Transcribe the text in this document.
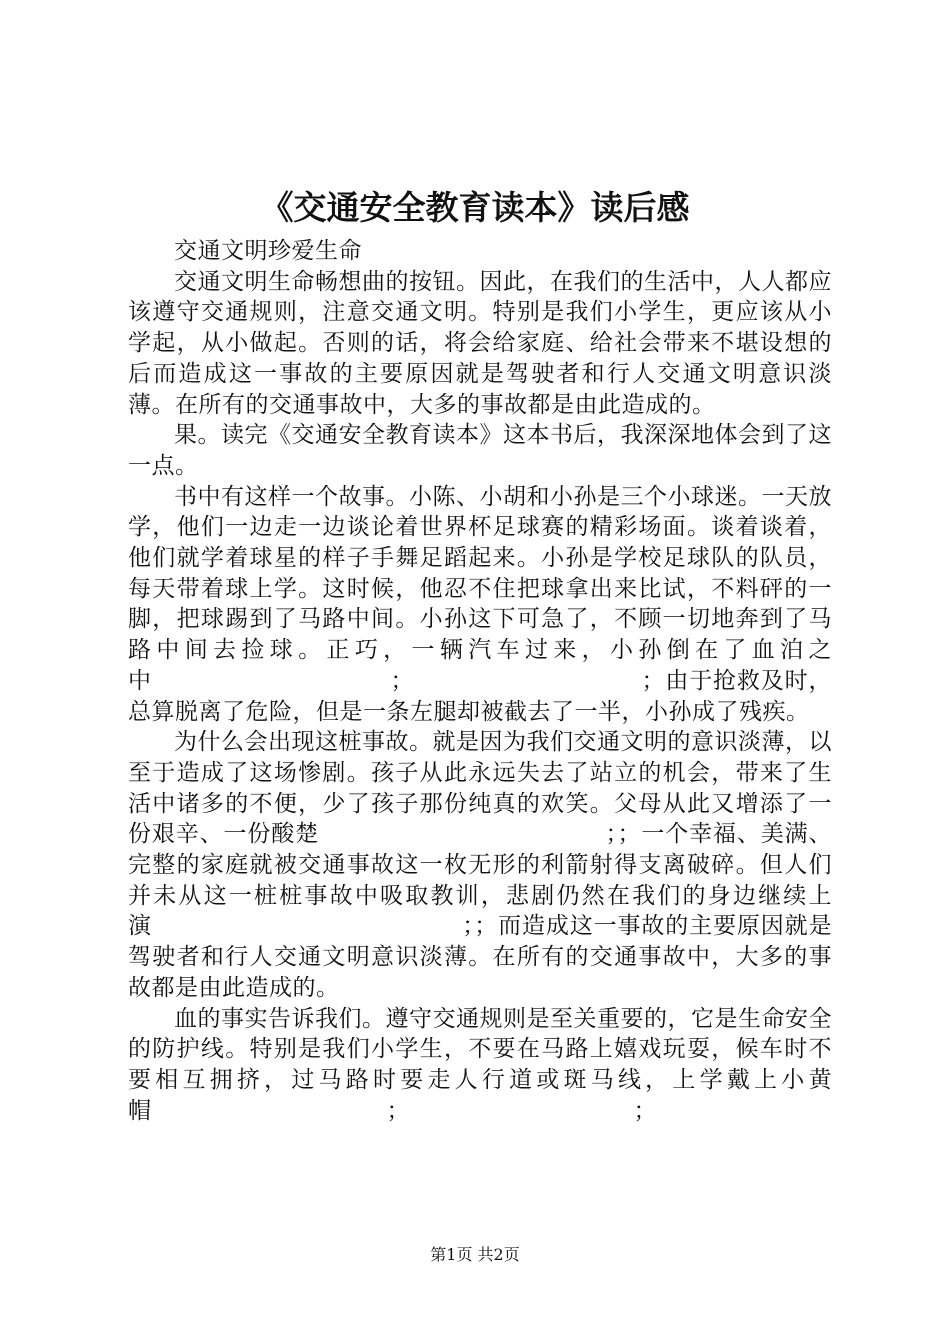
《交通安全教育读本》读后感

交通文明珍爱生命

交通文明生命畅想曲的按钮。因此，在我们的生活中，人人都应该遵守交通规则，注意交通文明。特别是我们小学生，更应该从小学起，从小做起。否则的话，将会给家庭、给社会带来不堪设想的后而造成这一事故的主要原因就是驾驶者和行人交通文明意识淡薄。在所有的交通事故中，大多的事故都是由此造成的。

果。读完《交通安全教育读本》这本书后，我深深地体会到了这一点。

书中有这样一个故事。小陈、小胡和小孙是三个小球迷。一天放学，他们一边走一边谈论着世界杯足球赛的精彩场面。谈着谈着，他们就学着球星的样子手舞足蹈起来。小孙是学校足球队的队员，每天带着球上学。这时候，他忍不住把球拿出来比试，不料砰的一脚，把球踢到了马路中间。小孙这下可急了，不顾一切地奔到了马路中间去捡球。正巧，一辆汽车过来，小孙倒在了血泊之中　　　　　　　　　　；　　　　　　　　　　；由于抢救及时，总算脱离了危险，但是一条左腿却被截去了一半，小孙成了残疾。

为什么会出现这桩事故。就是因为我们交通文明的意识淡薄，以至于造成了这场惨剧。孩子从此永远失去了站立的机会，带来了生活中诸多的不便，少了孩子那份纯真的欢笑。父母从此又增添了一份艰辛、一份酸楚　　　　　　　　　　　　；；一个幸福、美满、完整的家庭就被交通事故这一枚无形的利箭射得支离破碎。但人们并未从这一桩桩事故中吸取教训，悲剧仍然在我们的身边继续上演　　　　　　　　　　　　　；；而造成这一事故的主要原因就是驾驶者和行人交通文明意识淡薄。在所有的交通事故中，大多的事故都是由此造成的。

血的事实告诉我们。遵守交通规则是至关重要的，它是生命安全的防护线。特别是我们小学生，不要在马路上嬉戏玩耍，候车时不要相互拥挤，过马路时要走人行道或斑马线，上学戴上小黄帽　　　　　　　　　　；　　　　　　　　　　；

第1页 共2页
